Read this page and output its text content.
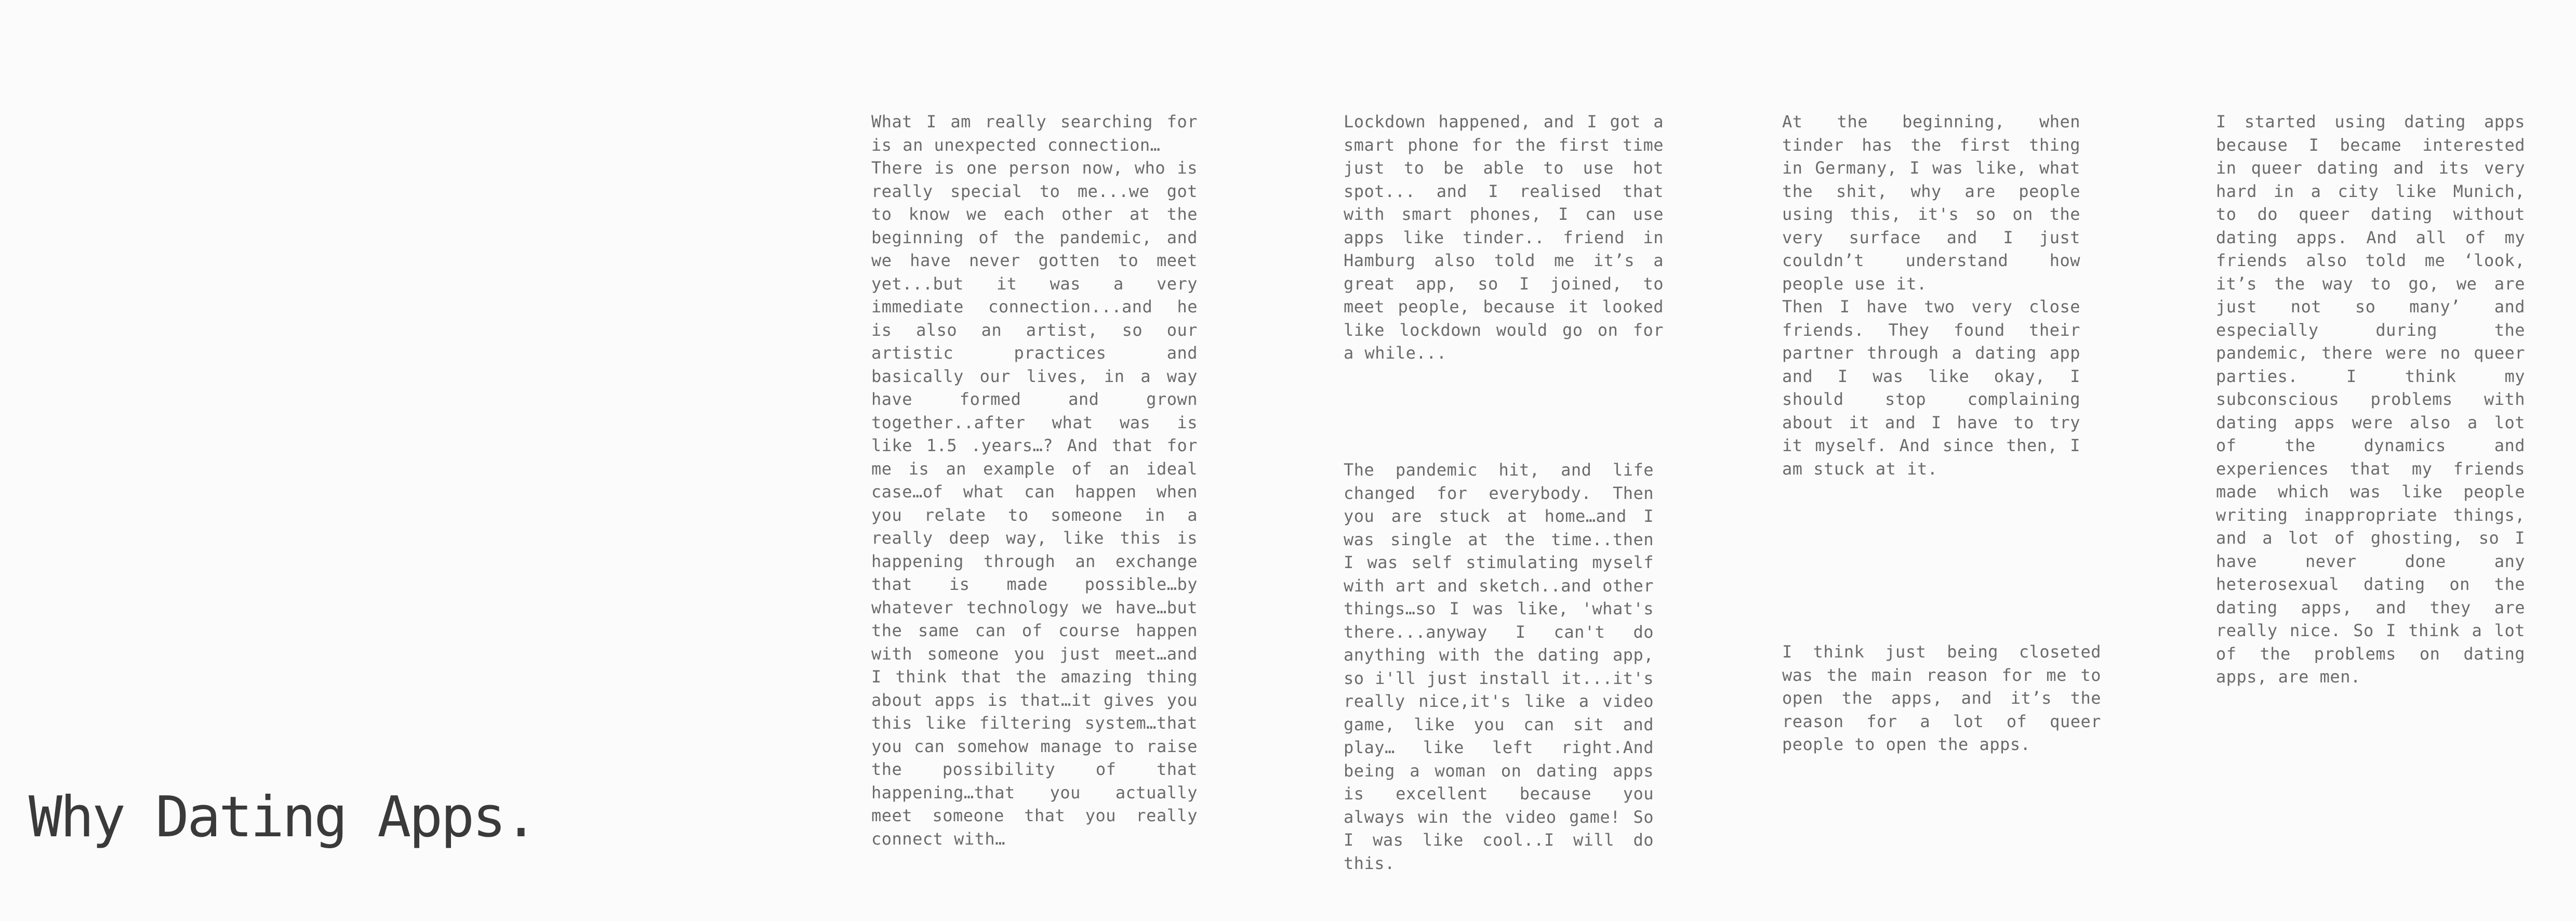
Why Dating Apps.
What I am really searching for is an unexpected connection…
There is one person now, who is really special to me...we got to know we each other at the beginning of the pandemic, and we have never gotten to meet yet...but it was a very immediate connection...and he is also an artist, so our artistic practices and basically our lives, in a way have formed and grown together..after what was is like 1.5 .years…? And that for me is an example of an ideal case…of what can happen when you relate to someone in a really deep way, like this is happening through an exchange that is made possible…by whatever technology we have…but the same can of course happen with someone you just meet…and I think that the amazing thing about apps is that…it gives you this like filtering system…that you can somehow manage to raise the possibility of that happening…that you actually meet someone that you really connect with…
Lockdown happened, and I got a smart phone for the first time just to be able to use hot spot... and I realised that with smart phones, I can use apps like tinder.. friend in Hamburg also told me it’s a great app, so I joined, to meet people, because it looked like lockdown would go on for a while...
The pandemic hit, and life changed for everybody. Then you are stuck at home…and I was single at the time..then I was self stimulating myself with art and sketch..and other things…so I was like, 'what's there...anyway I can't do anything with the dating app, so i'll just install it...it's really nice,it's like a video game, like you can sit and play… like left right.And being a woman on dating apps is excellent because you always win the video game! So I was like cool..I will do this.
At the beginning, when tinder has the first thing in Germany, I was like, what the shit, why are people using this, it's so on the very surface and I just couldn’t understand how people use it.
Then I have two very close friends. They found their partner through a dating app and I was like okay, I should stop complaining about it and I have to try it myself. And since then, I am stuck at it.
I think just being closeted was the main reason for me to open the apps, and it’s the reason for a lot of queer people to open the apps.
I started using dating apps because I became interested in queer dating and its very hard in a city like Munich, to do queer dating without dating apps. And all of my friends also told me ‘look, it’s the way to go, we are just not so many’ and especially during the pandemic, there were no queer parties. I think my subconscious problems with dating apps were also a lot of the dynamics and experiences that my friends made which was like people writing inappropriate things, and a lot of ghosting, so I have never done any heterosexual dating on the dating apps, and they are really nice. So I think a lot of the problems on dating apps, are men.
